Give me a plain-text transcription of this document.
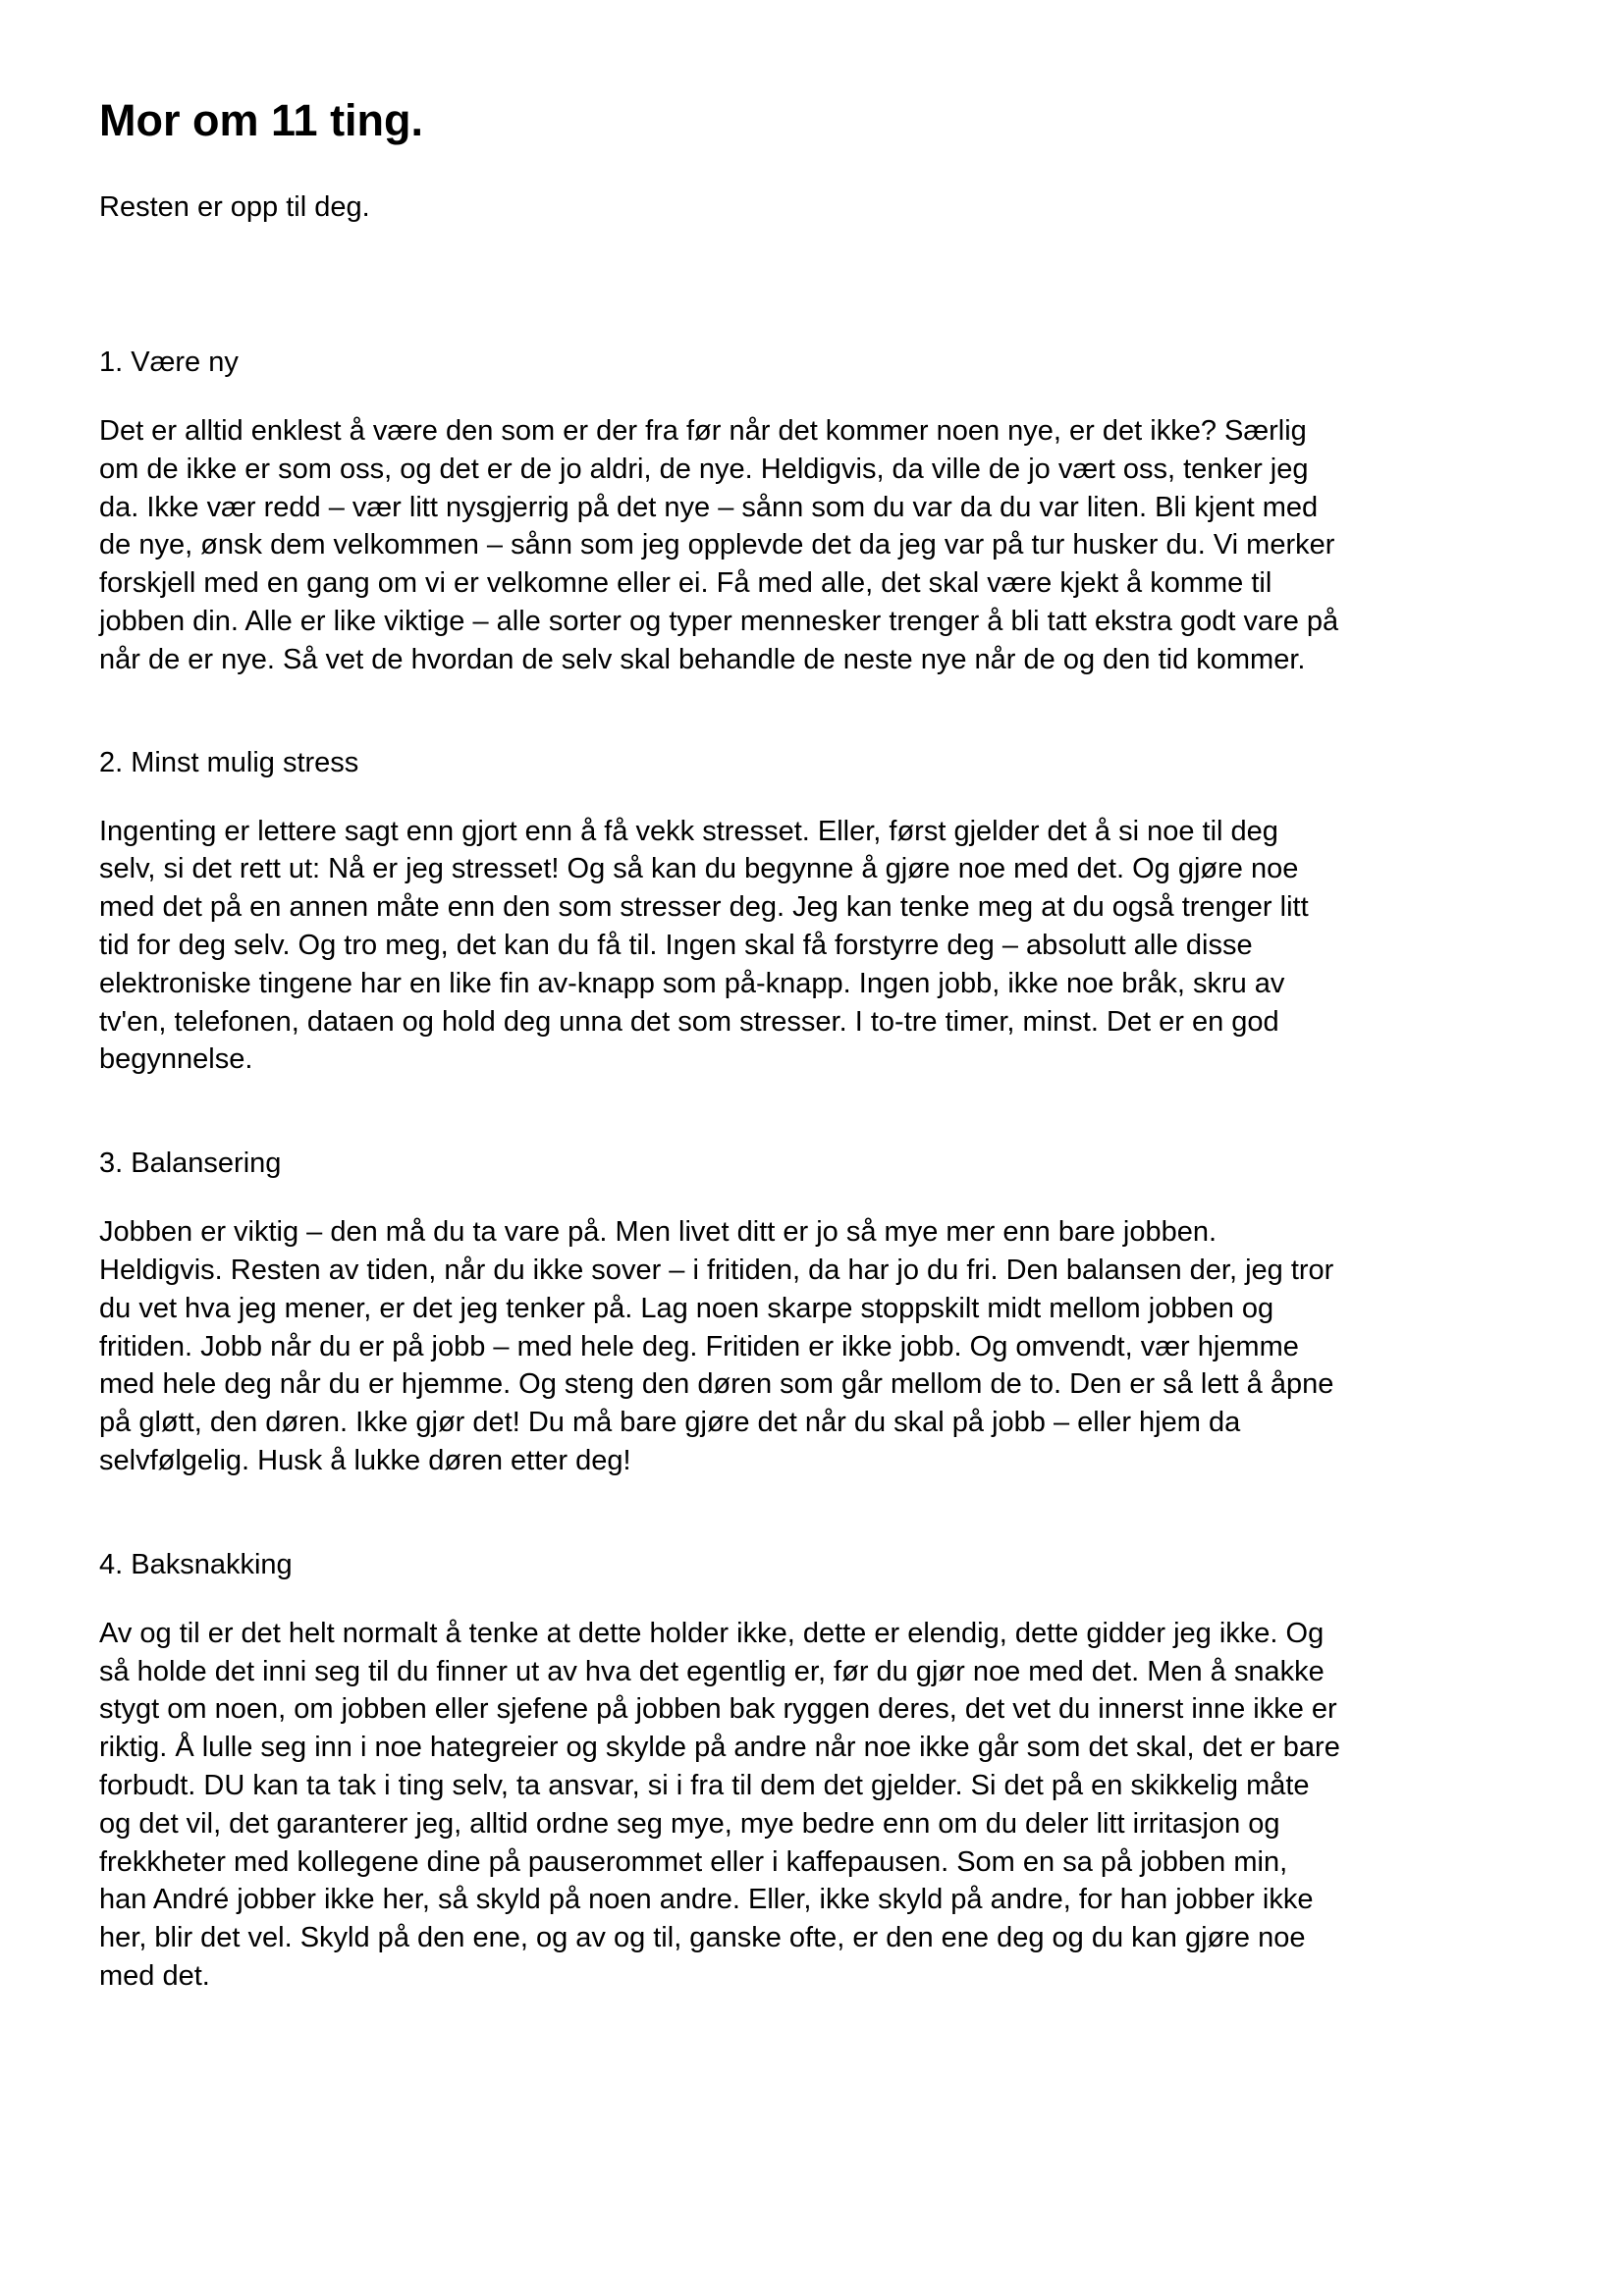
Mor om 11 ting.

Resten er opp til deg.

1. Være ny

Det er alltid enklest å være den som er der fra før når det kommer noen nye, er det ikke? Særlig
om de ikke er som oss, og det er de jo aldri, de nye. Heldigvis, da ville de jo vært oss, tenker jeg
da. Ikke vær redd – vær litt nysgjerrig på det nye – sånn som du var da du var liten. Bli kjent med
de nye, ønsk dem velkommen – sånn som jeg opplevde det da jeg var på tur husker du. Vi merker
forskjell med en gang om vi er velkomne eller ei. Få med alle, det skal være kjekt å komme til
jobben din. Alle er like viktige – alle sorter og typer mennesker trenger å bli tatt ekstra godt vare på
når de er nye. Så vet de hvordan de selv skal behandle de neste nye når de og den tid kommer.

2. Minst mulig stress

Ingenting er lettere sagt enn gjort enn å få vekk stresset. Eller, først gjelder det å si noe til deg
selv, si det rett ut: Nå er jeg stresset! Og så kan du begynne å gjøre noe med det. Og gjøre noe
med det på en annen måte enn den som stresser deg. Jeg kan tenke meg at du også trenger litt
tid for deg selv. Og tro meg, det kan du få til. Ingen skal få forstyrre deg – absolutt alle disse
elektroniske tingene har en like fin av-knapp som på-knapp. Ingen jobb, ikke noe bråk, skru av
tv'en, telefonen, dataen og hold deg unna det som stresser. I to-tre timer, minst. Det er en god
begynnelse.

3. Balansering

Jobben er viktig – den må du ta vare på. Men livet ditt er jo så mye mer enn bare jobben.
Heldigvis. Resten av tiden, når du ikke sover – i fritiden, da har jo du fri. Den balansen der, jeg tror
du vet hva jeg mener, er det jeg tenker på. Lag noen skarpe stoppskilt midt mellom jobben og
fritiden. Jobb når du er på jobb – med hele deg. Fritiden er ikke jobb. Og omvendt, vær hjemme
med hele deg når du er hjemme. Og steng den døren som går mellom de to. Den er så lett å åpne
på gløtt, den døren. Ikke gjør det! Du må bare gjøre det når du skal på jobb – eller hjem da
selvfølgelig. Husk å lukke døren etter deg!

4. Baksnakking

Av og til er det helt normalt å tenke at dette holder ikke, dette er elendig, dette gidder jeg ikke. Og
så holde det inni seg til du finner ut av hva det egentlig er, før du gjør noe med det. Men å snakke
stygt om noen, om jobben eller sjefene på jobben bak ryggen deres, det vet du innerst inne ikke er
riktig. Å lulle seg inn i noe hategreier og skylde på andre når noe ikke går som det skal, det er bare
forbudt. DU kan ta tak i ting selv, ta ansvar, si i fra til dem det gjelder. Si det på en skikkelig måte
og det vil, det garanterer jeg, alltid ordne seg mye, mye bedre enn om du deler litt irritasjon og
frekkheter med kollegene dine på pauserommet eller i kaffepausen. Som en sa på jobben min,
han André jobber ikke her, så skyld på noen andre. Eller, ikke skyld på andre, for han jobber ikke
her, blir det vel. Skyld på den ene, og av og til, ganske ofte, er den ene deg og du kan gjøre noe
med det.
